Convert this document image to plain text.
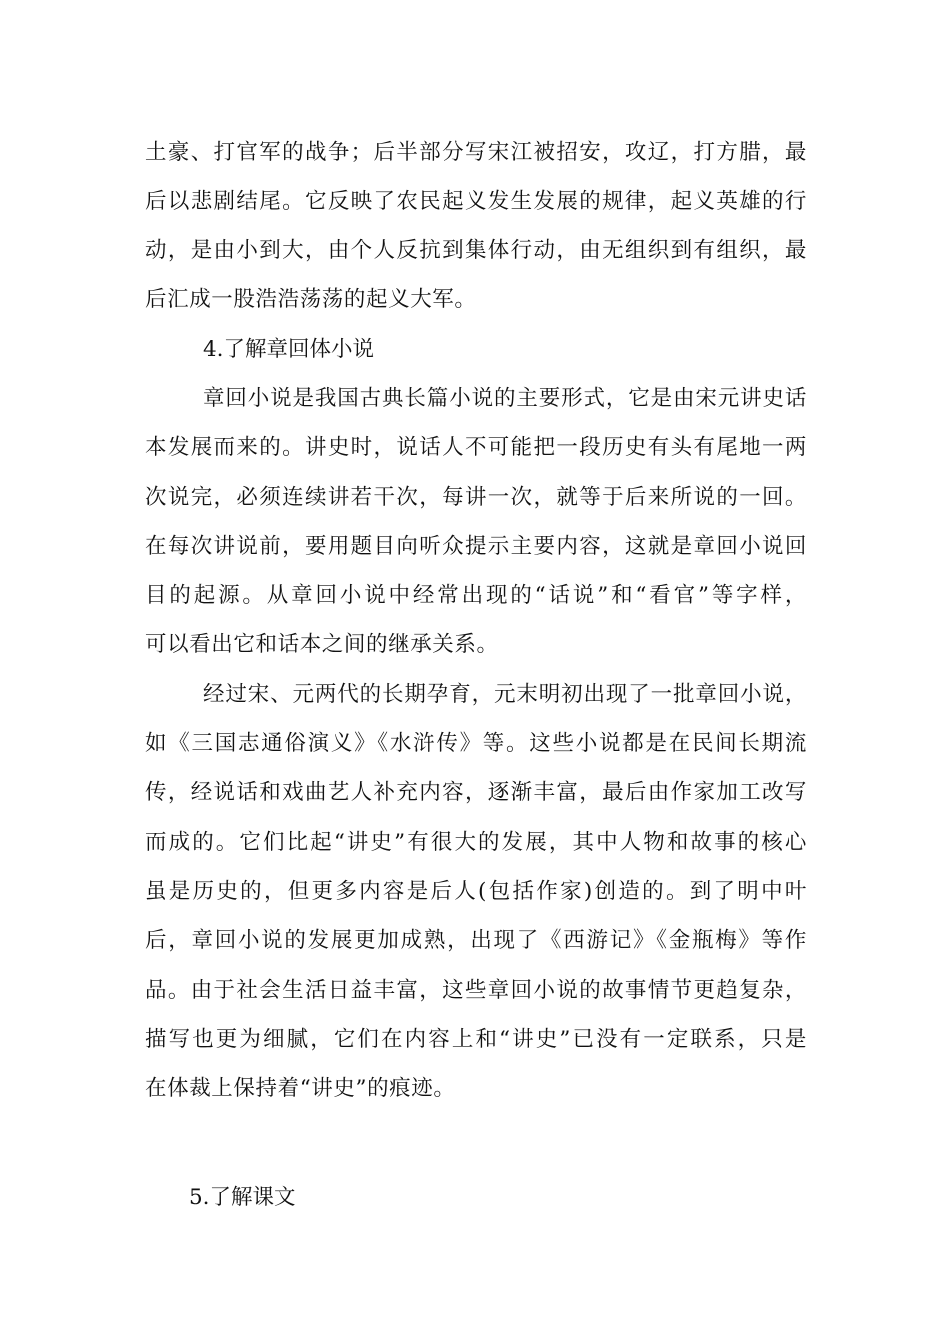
土豪、打官军的战争；后半部分写宋江被招安，攻辽，打方腊，最
后以悲剧结尾。它反映了农民起义发生发展的规律，起义英雄的行
动，是由小到大，由个人反抗到集体行动，由无组织到有组织，最
后汇成一股浩浩荡荡的起义大军。
4.了解章回体小说
章回小说是我国古典长篇小说的主要形式，它是由宋元讲史话
本发展而来的。讲史时，说话人不可能把一段历史有头有尾地一两
次说完，必须连续讲若干次，每讲一次，就等于后来所说的一回。
在每次讲说前，要用题目向听众提示主要内容，这就是章回小说回
目的起源。从章回小说中经常出现的“话说”和“看官”等字样，
可以看出它和话本之间的继承关系。
经过宋、元两代的长期孕育，元末明初出现了一批章回小说，
如《三国志通俗演义》《水浒传》等。这些小说都是在民间长期流
传，经说话和戏曲艺人补充内容，逐渐丰富，最后由作家加工改写
而成的。它们比起“讲史”有很大的发展，其中人物和故事的核心
虽是历史的，但更多内容是后人(包括作家)创造的。到了明中叶
后，章回小说的发展更加成熟，出现了《西游记》《金瓶梅》等作
品。由于社会生活日益丰富，这些章回小说的故事情节更趋复杂，
描写也更为细腻，它们在内容上和“讲史”已没有一定联系，只是
在体裁上保持着“讲史”的痕迹。
5.了解课文
